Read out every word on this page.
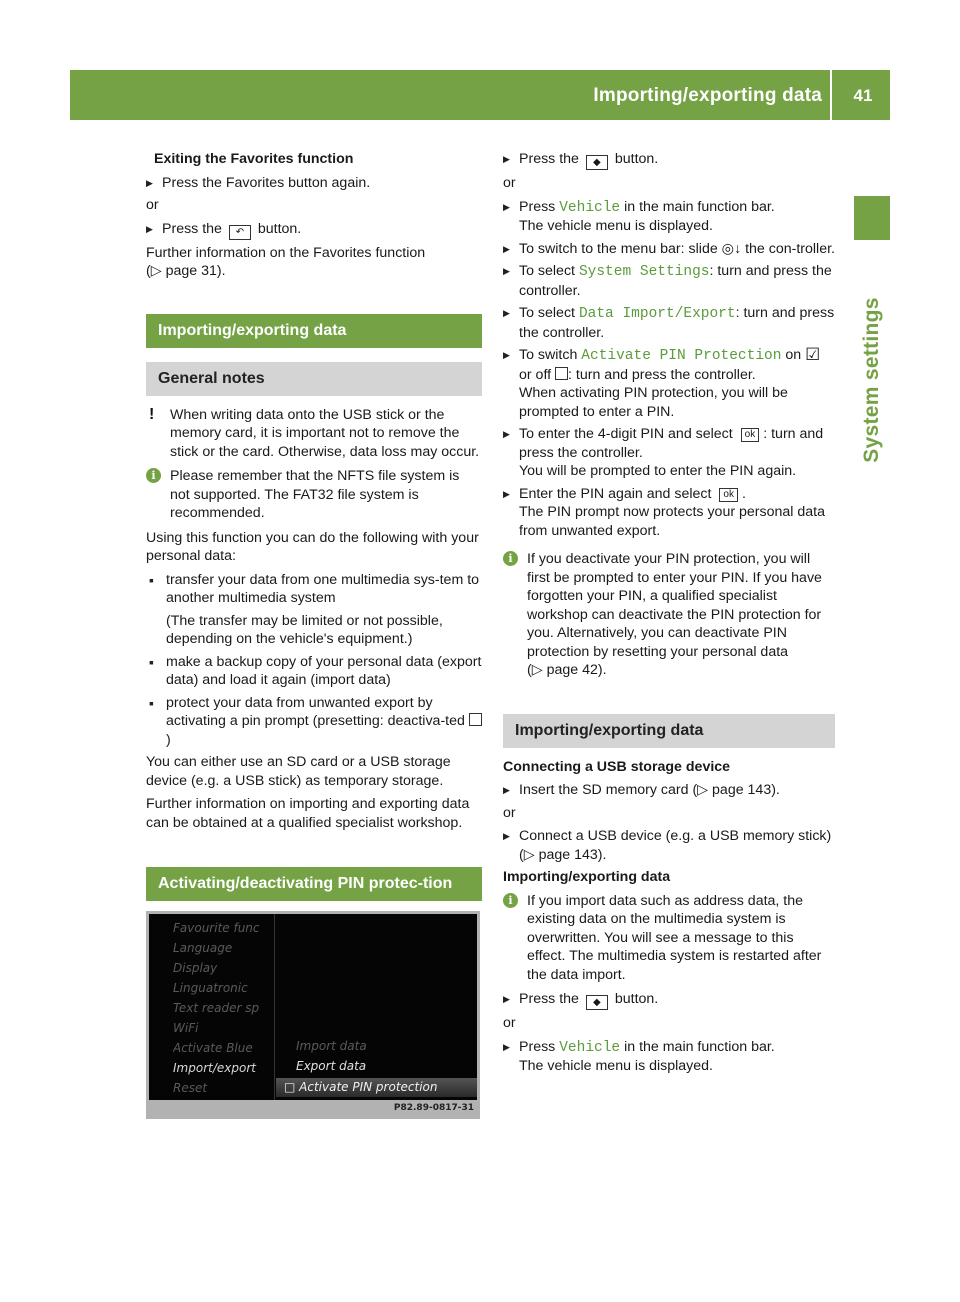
Importing/exporting data	41
System settings
Exiting the Favorites function
▶ Press the Favorites button again.

or

▶ Press the ↶ button.

Further information on the Favorites function
(▷ page 31).

Importing/exporting data
General notes
! When writing data onto the USB stick or the memory card, it is important not to remove the stick or the card. Otherwise, data loss may occur.
i	Please remember that the NFTS file system is not supported. The FAT32 file system is recommended.

Using this function you can do the following with your personal data:

▪ transfer your data from one multimedia sys-tem to another multimedia system
(The transfer may be limited or not possible, depending on the vehicle's equipment.)
▪ make a backup copy of your personal data (export data) and load it again (import data)
▪ protect your data from unwanted export by activating a pin prompt (presetting: deactiva-ted )

You can either use an SD card or a USB storage device (e.g. a USB stick) as temporary storage.

Further information on importing and exporting data can be obtained at a qualified specialist workshop.

Activating/deactivating PIN protec-tion
Favourite func
Language
Display
Linguatronic
Text reader sp
WiFi
Activate Blue
Import/export
Reset
Import data
Export data
□ Activate PIN protection
P82.89-0817-31
▶ Press the ◆ button.

or

▶ Press Vehicle in the main function bar.
The vehicle menu is displayed.
▶ To switch to the menu bar: slide ◎↓ the con-troller.
▶ To select System Settings: turn and press the controller.
▶ To select Data Import/Export: turn and press the controller.
▶ To switch Activate PIN Protection on ☑
or off : turn and press the controller.
When activating PIN protection, you will be prompted to enter a PIN.
▶ To enter the 4-digit PIN and select ok : turn and press the controller.
You will be prompted to enter the PIN again.
▶ Enter the PIN again and select ok .
The PIN prompt now protects your personal data from unwanted export.
i	If you deactivate your PIN protection, you will first be prompted to enter your PIN. If you have forgotten your PIN, a qualified specialist workshop can deactivate the PIN protection for you. Alternatively, you can deactivate PIN protection by resetting your personal data
(▷ page 42).
Importing/exporting data
Connecting a USB storage device
▶ Insert the SD memory card (▷ page 143).

or

▶ Connect a USB device (e.g. a USB memory stick) (▷ page 143).
Importing/exporting data
i	If you import data such as address data, the existing data on the multimedia system is overwritten. You will see a message to this effect. The multimedia system is restarted after the data import.
▶ Press the ◆ button.

or

▶ Press Vehicle in the main function bar.
The vehicle menu is displayed.
